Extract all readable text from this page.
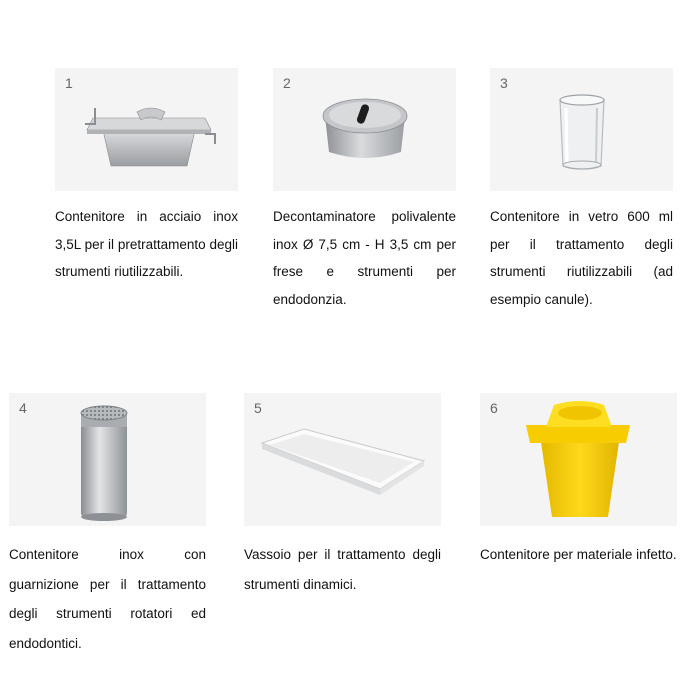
1

Contenitore in acciaio inox 3,5L per il pretrattamento degli strumenti riutilizzabili.

2

Decontaminatore polivalente inox Ø 7,5 cm - H 3,5 cm per frese e strumenti per endodonzia.

3

Contenitore in vetro 600 ml per il trattamento degli strumenti riutilizzabili (ad esempio canule).

4

Contenitore inox con guarnizione per il trattamento degli strumenti rotatori ed endodontici.

5

Vassoio per il trattamento degli strumenti dinamici.

6

Contenitore per materiale infetto.
